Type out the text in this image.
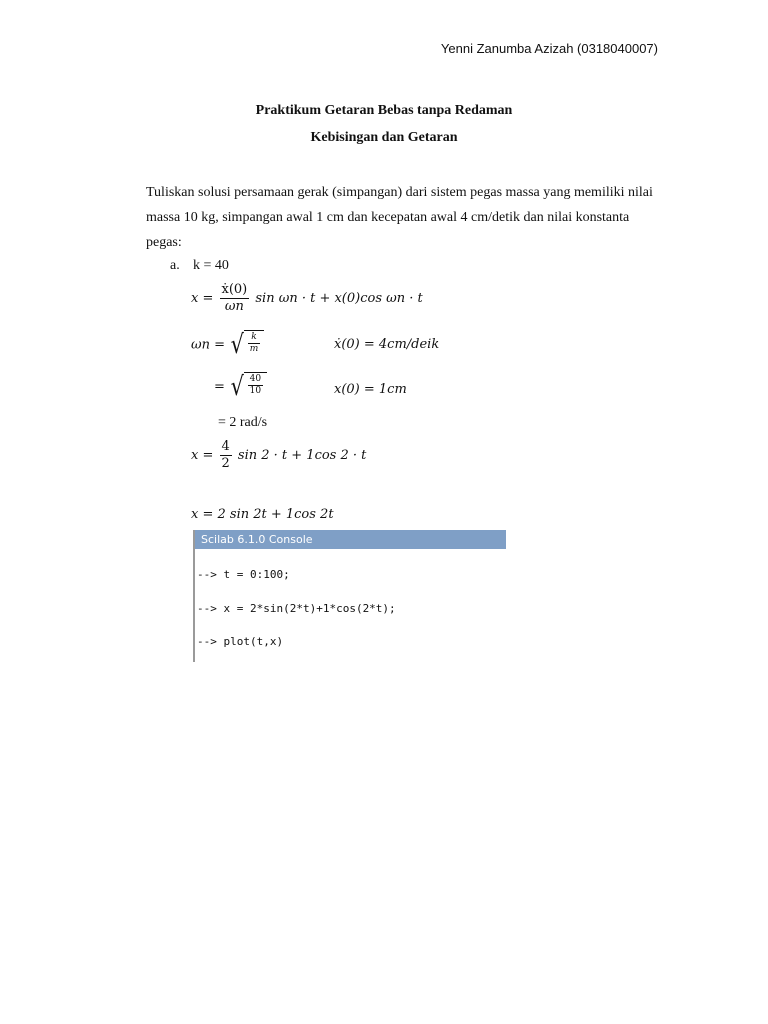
Yenni Zanumba Azizah (0318040007)
Praktikum Getaran Bebas tanpa Redaman
Kebisingan dan Getaran
Tuliskan solusi persamaan gerak (simpangan) dari sistem pegas massa yang memiliki nilai massa 10 kg, simpangan awal 1 cm dan kecepatan awal 4 cm/detik dan nilai konstanta pegas:
a. k = 40
$x = \frac{\text{ẋ(0)}}{\omega n}$ sin ωn · t + x(0)cos ωn · t
ωn = √ $\frac{k}{m}$	ẋ(0) = 4cm/deik
= √ $\frac{40}{10}$	x(0) = 1cm
= 2 rad/s
$x = \frac{4}{2}$ sin 2 · t + 1cos 2 · t
x = 2 sin 2t + 1cos 2t
Scilab 6.1.0 Console
--> t = 0:100;
--> x = 2*sin(2*t)+1*cos(2*t);
--> plot(t,x)
